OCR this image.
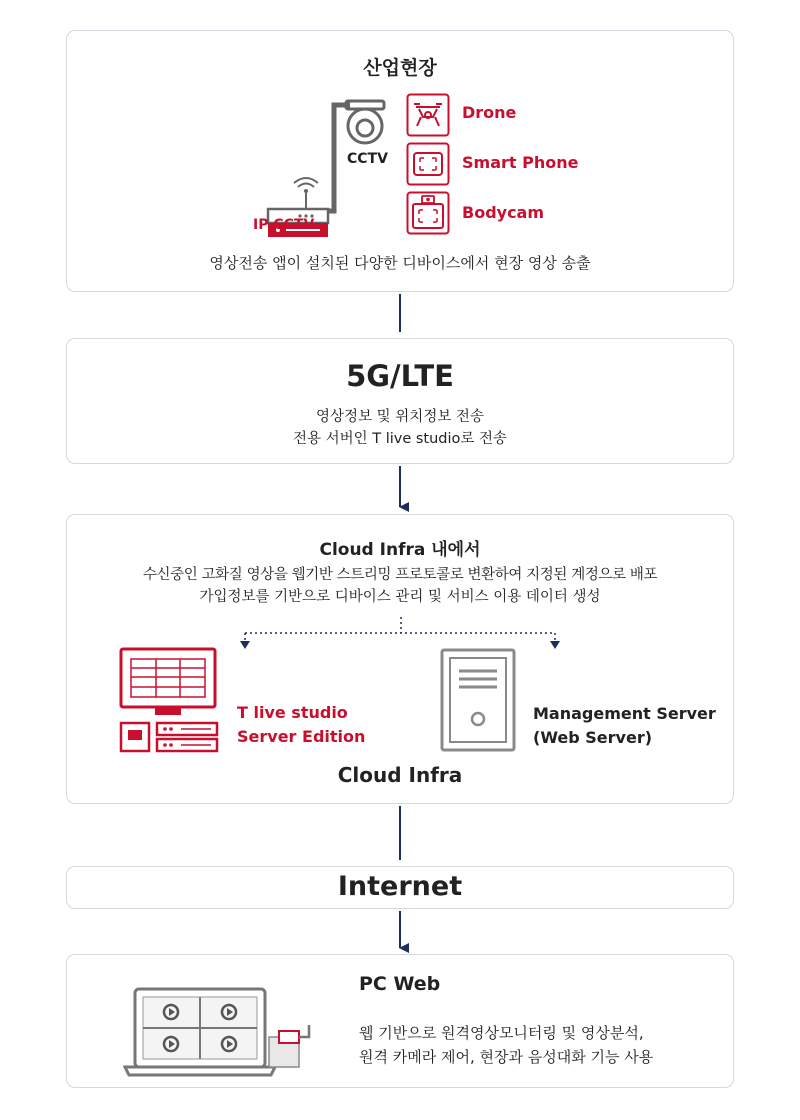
산업현장
CCTV
IP CCTV
Drone
Smart Phone
Bodycam
영상전송 앱이 설치된 다양한 디바이스에서 현장 영상 송출
5G/LTE
영상정보 및 위치정보 전송
전용 서버인 T live studio로 전송
Cloud Infra 내에서
수신중인 고화질 영상을 웹기반 스트리밍 프로토콜로 변환하여 지정된 계정으로 배포
가입정보를 기반으로 디바이스 관리 및 서비스 이용 데이터 생성
T live studio
Server Edition
Management Server
(Web Server)
Cloud Infra
Internet
PC Web
웹 기반으로 원격영상모니터링 및 영상분석,
원격 카메라 제어, 현장과 음성대화 기능 사용
